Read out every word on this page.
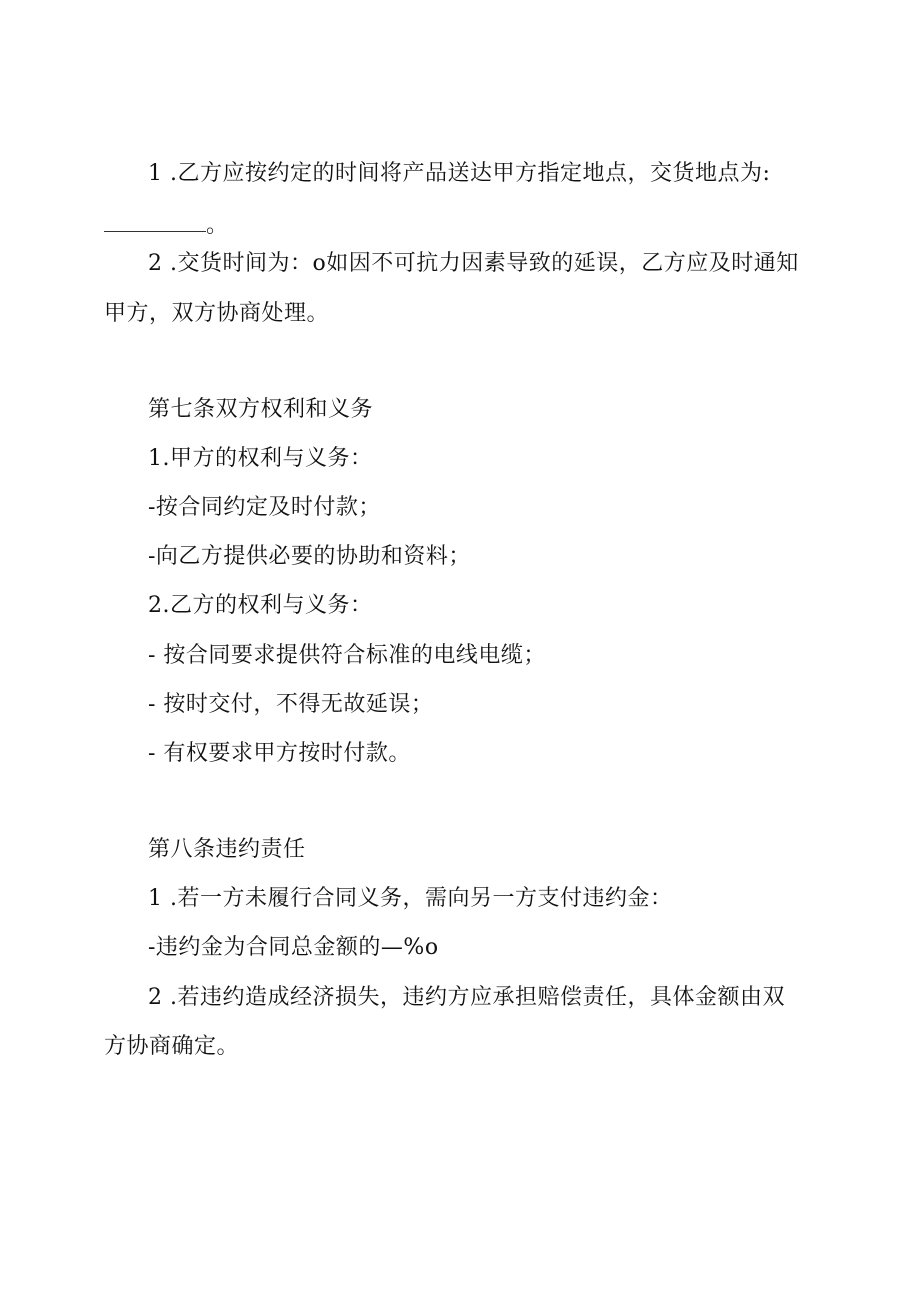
1 .乙方应按约定的时间将产品送达甲方指定地点，交货地点为:
。
2 .交货时间为：o如因不可抗力因素导致的延误，乙方应及时通知
甲方，双方协商处理。
第七条双方权利和义务
1.甲方的权利与义务：
-按合同约定及时付款；
-向乙方提供必要的协助和资料；
2.乙方的权利与义务：
- 按合同要求提供符合标准的电线电缆；
- 按时交付，不得无故延误；
- 有权要求甲方按时付款。
第八条违约责任
1 .若一方未履行合同义务，需向另一方支付违约金：
-违约金为合同总金额的—%o
2 .若违约造成经济损失，违约方应承担赔偿责任，具体金额由双
方协商确定。
